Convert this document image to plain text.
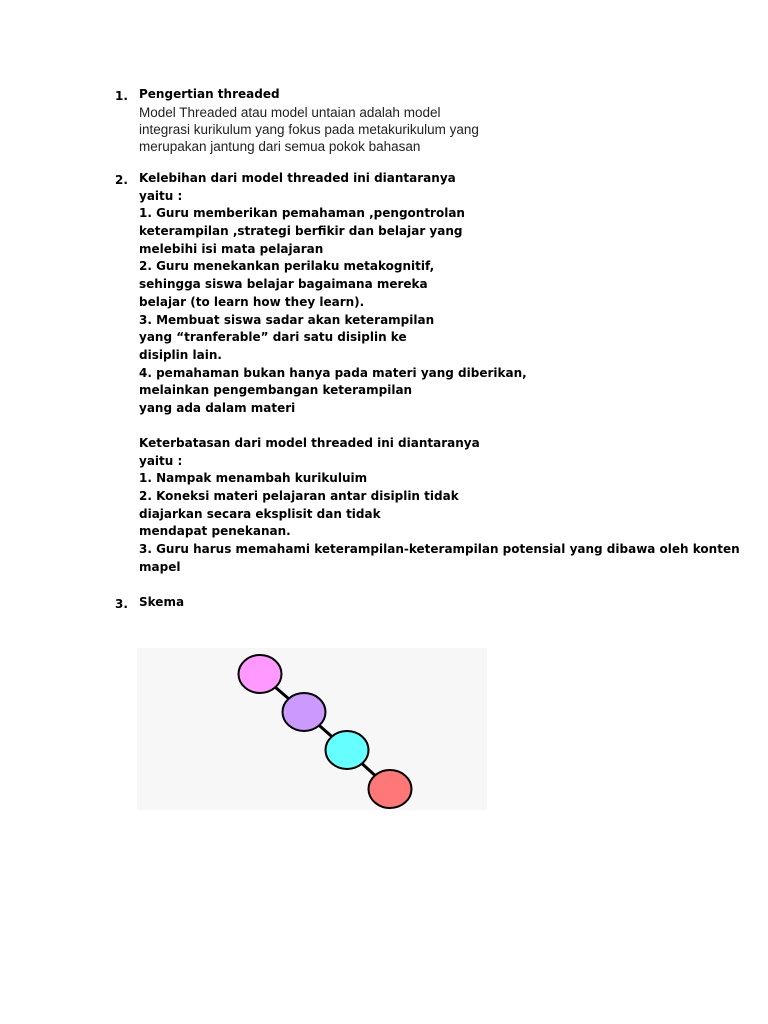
1. Pengertian threaded
Model Threaded atau model untaian adalah model
integrasi kurikulum yang fokus pada metakurikulum yang
merupakan jantung dari semua pokok bahasan
2. Kelebihan dari model threaded ini diantaranya
yaitu :
1. Guru memberikan pemahaman ,pengontrolan
keterampilan ,strategi berfikir dan belajar yang
melebihi isi mata pelajaran
2. Guru menekankan perilaku metakognitif,
sehingga siswa belajar bagaimana mereka
belajar (to learn how they learn).
3. Membuat siswa sadar akan keterampilan
yang “tranferable” dari satu disiplin ke
disiplin lain.
4. pemahaman bukan hanya pada materi yang diberikan,
melainkan pengembangan keterampilan
yang ada dalam materi
Keterbatasan dari model threaded ini diantaranya
yaitu :
1. Nampak menambah kurikuluim
2. Koneksi materi pelajaran antar disiplin tidak
diajarkan secara eksplisit dan tidak
mendapat penekanan.
3. Guru harus memahami keterampilan-keterampilan potensial yang dibawa oleh konten
mapel
3. Skema
